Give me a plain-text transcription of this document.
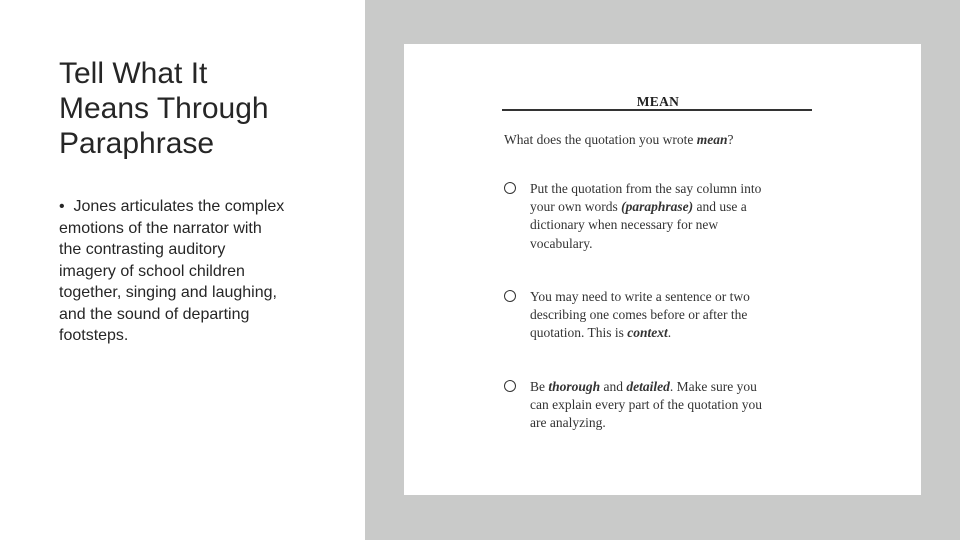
Tell What It
Means Through
Paraphrase
• Jones articulates the complex
emotions of the narrator with
the contrasting auditory
imagery of school children
together, singing and laughing,
and the sound of departing
footsteps.
MEAN
What does the quotation you wrote mean?
Put the quotation from the say column into
your own words (paraphrase) and use a
dictionary when necessary for new
vocabulary.
You may need to write a sentence or two
describing one comes before or after the
quotation. This is context.
Be thorough and detailed. Make sure you
can explain every part of the quotation you
are analyzing.
